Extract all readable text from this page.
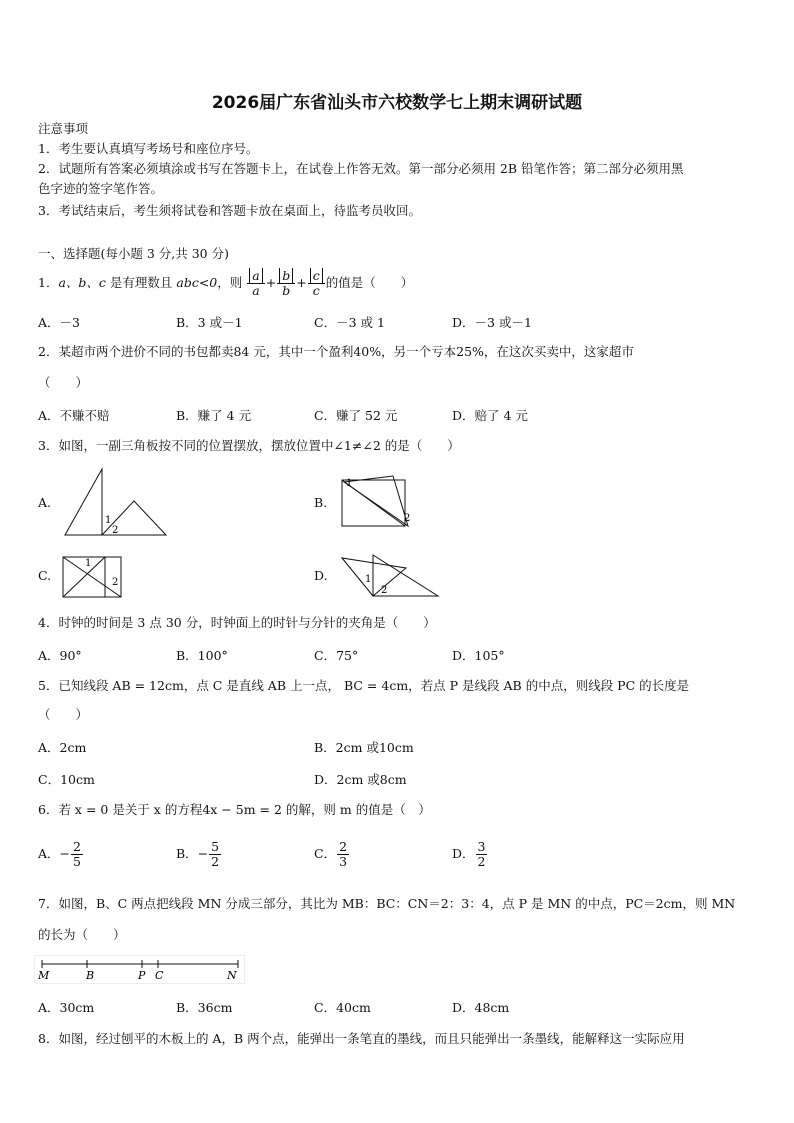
2026届广东省汕头市六校数学七上期末调研试题
注意事项
1．考生要认真填写考场号和座位序号。
2．试题所有答案必须填涂或书写在答题卡上，在试卷上作答无效。第一部分必须用 2B 铅笔作答；第二部分必须用黑
色字迹的签字笔作答。
3．考试结束后，考生须将试卷和答题卡放在桌面上，待监考员收回。
一、选择题(每小题 3 分,共 30 分)
1．a、b、c 是有理数且 abc<0，则 $\frac{a}{a} + \frac{b}{b} + \frac{c}{c}$ 的值是（　　）
A．－3	B．3 或－1	C．－3 或 1	D．－3 或－1
2．某超市两个进价不同的书包都卖84 元，其中一个盈利40%，另一个亏本25%，在这次买卖中，这家超市
（　　）
A．不赚不赔	B．赚了 4 元	C．赚了 52 元	D．赔了 4 元
3．如图，一副三角板按不同的位置摆放，摆放位置中∠1≠∠2 的是（　　）
A.
1
2
B.
1
2
C.
1
2	D.	1
2
4．时钟的时间是 3 点 30 分，时钟面上的时针与分针的夹角是（　　）
A．90°	B．100°	C．75°	D．105°
5．已知线段 AB = 12cm，点 C 是直线 AB 上一点， BC = 4cm，若点 P 是线段 AB 的中点，则线段 PC 的长度是
（　　）
A．2cm	B．2cm 或10cm
C．10cm	D．2cm 或8cm
6．若 x = 0 是关于 x 的方程4x − 5m = 2 的解，则 m 的值是（　）
A．− $\frac{2}{5}$	B．− $\frac{5}{2}$	C． $\frac{2}{3}$	D． $\frac{3}{2}$
7．如图，B、C 两点把线段 MN 分成三部分，其比为 MB：BC：CN＝2：3：4，点 P 是 MN 的中点，PC＝2cm，则 MN
的长为（　　）
M	B	P C	N
A．30cm	B．36cm	C．40cm	D．48cm
8．如图，经过刨平的木板上的 A，B 两个点，能弹出一条笔直的墨线，而且只能弹出一条墨线，能解释这一实际应用
